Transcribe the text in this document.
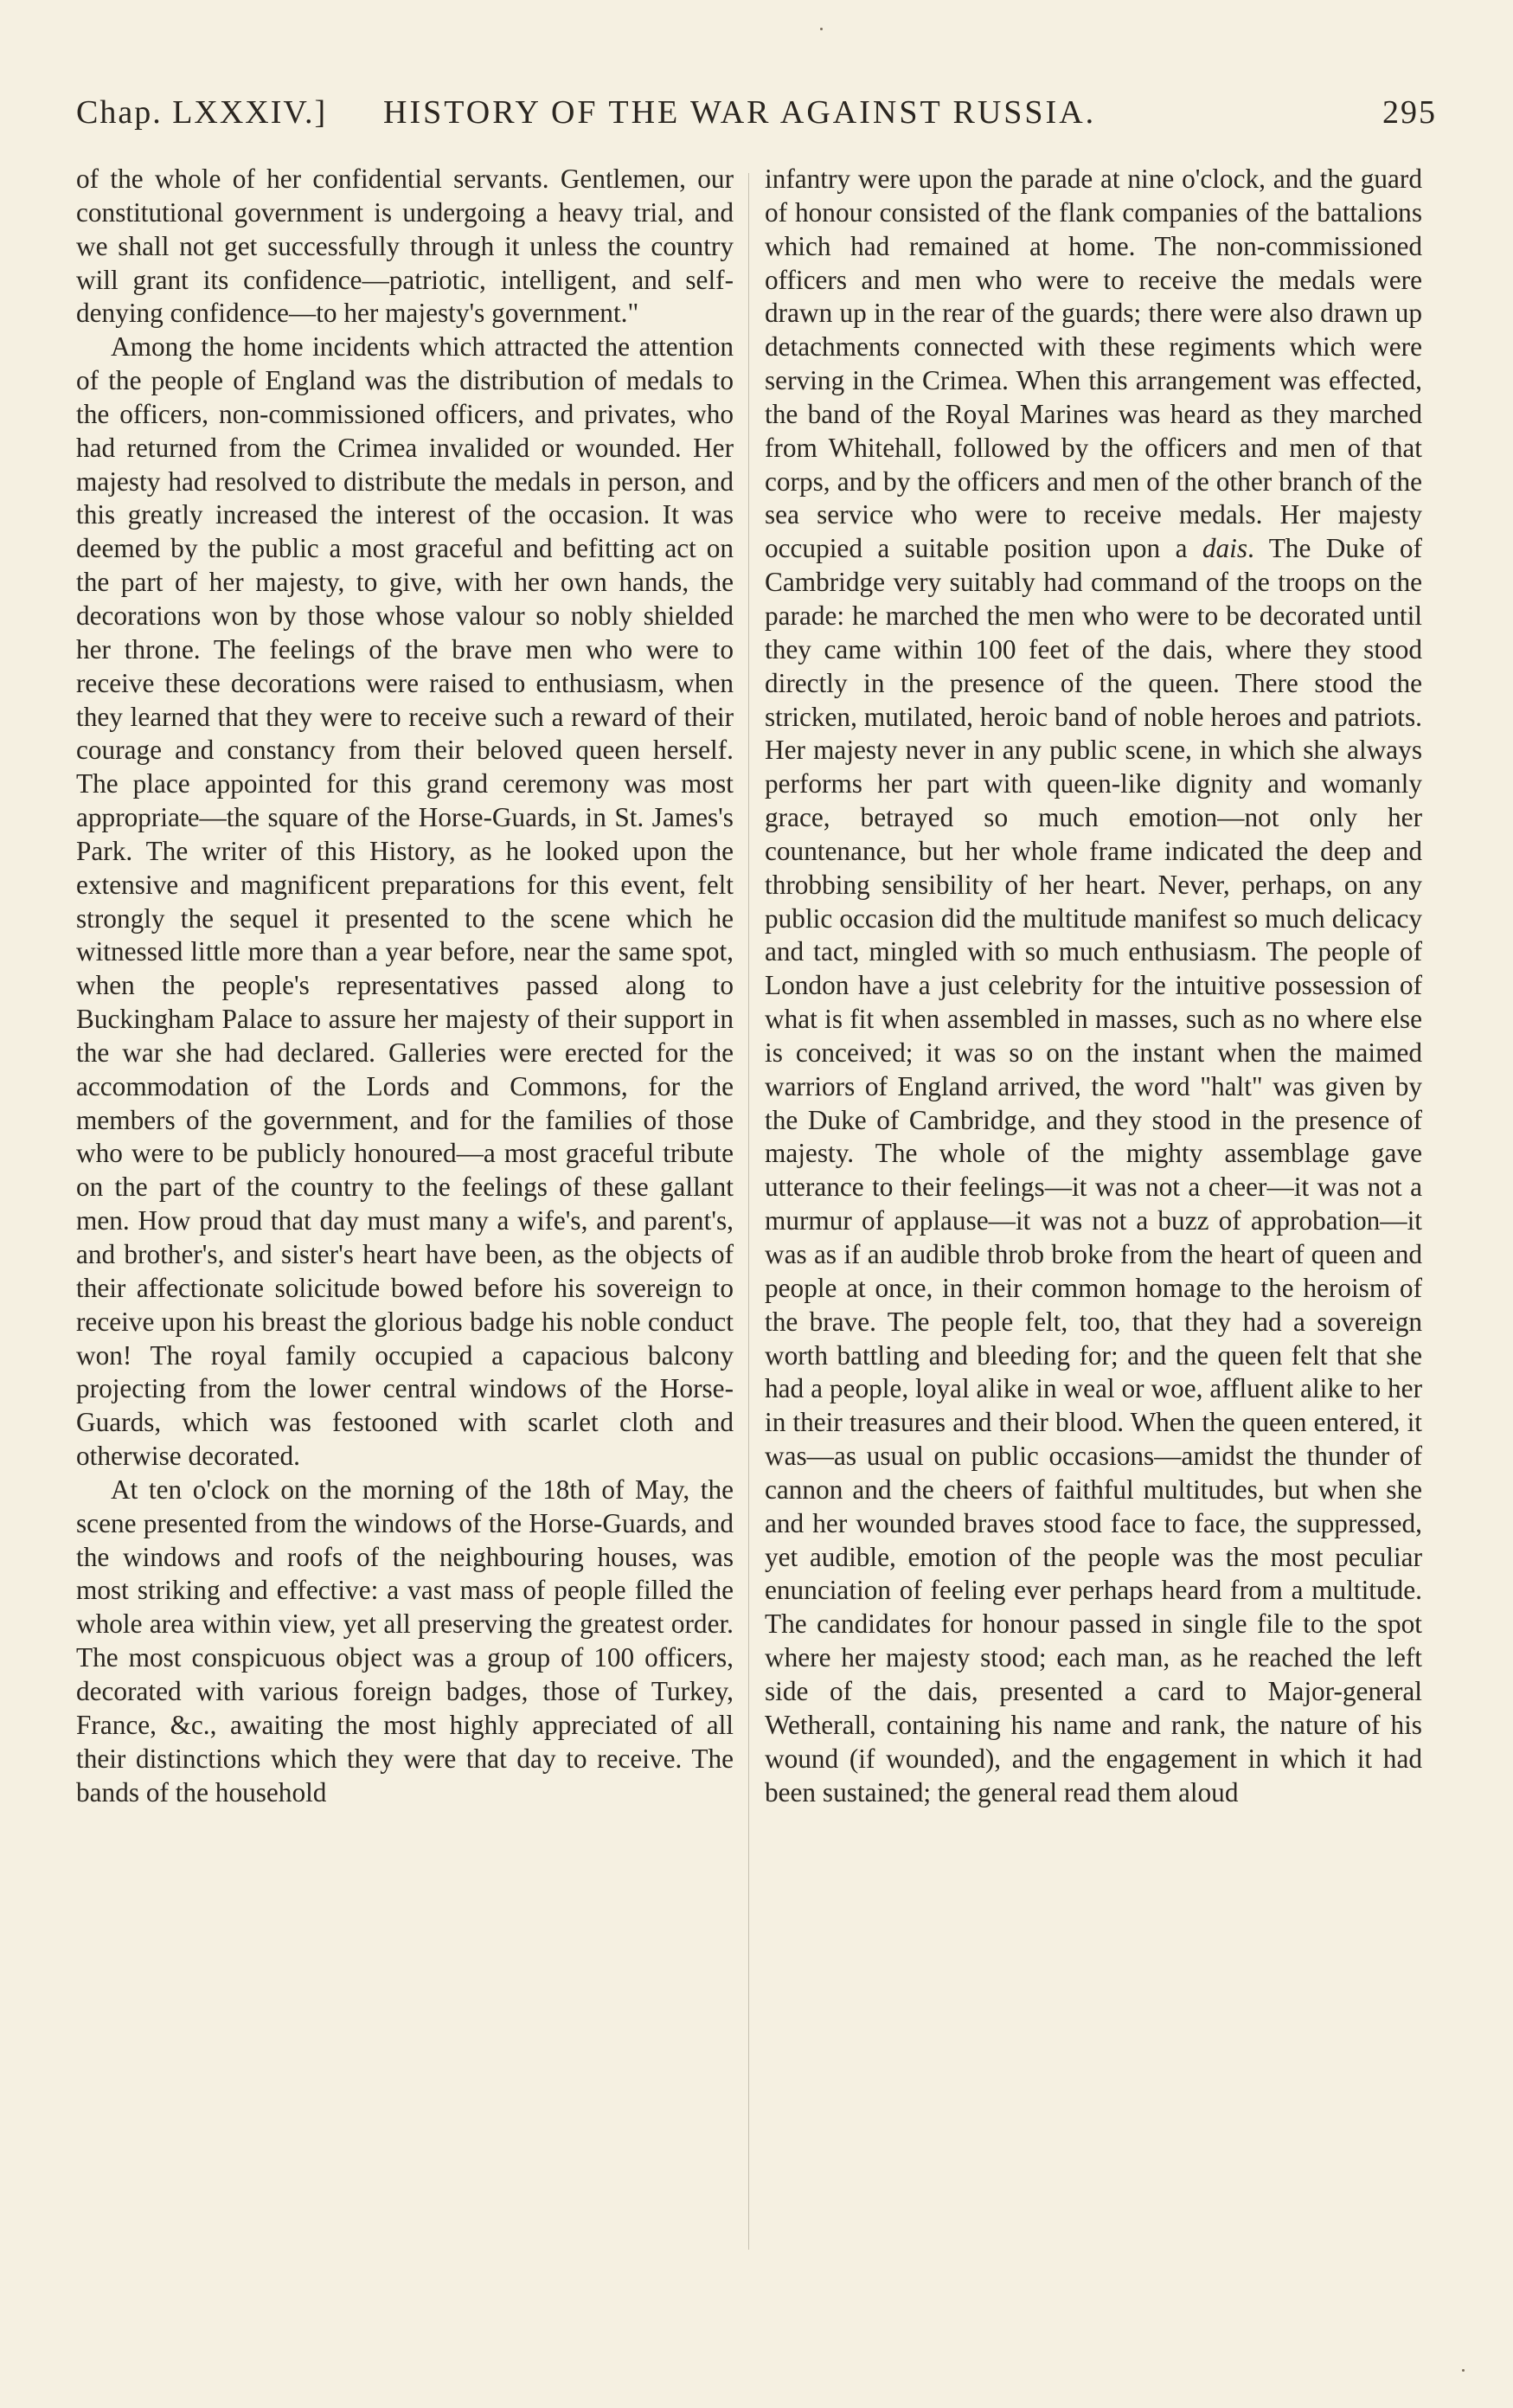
Chap. LXXXIV.] HISTORY OF THE WAR AGAINST RUSSIA.	295

of the whole of her confidential servants. Gentlemen, our constitutional government is undergoing a heavy trial, and we shall not get successfully through it unless the country will grant its confidence—patriotic, intelligent, and self-denying confidence—to her majesty's government."

Among the home incidents which attracted the attention of the people of England was the distribution of medals to the officers, non-commissioned officers, and privates, who had returned from the Crimea invalided or wounded. Her majesty had resolved to distribute the medals in person, and this greatly increased the interest of the occasion. It was deemed by the public a most graceful and befitting act on the part of her majesty, to give, with her own hands, the decorations won by those whose valour so nobly shielded her throne. The feelings of the brave men who were to receive these decorations were raised to enthusiasm, when they learned that they were to receive such a reward of their courage and constancy from their beloved queen herself. The place appointed for this grand ceremony was most appropriate—the square of the Horse-Guards, in St. James's Park. The writer of this History, as he looked upon the extensive and magnificent preparations for this event, felt strongly the sequel it presented to the scene which he witnessed little more than a year before, near the same spot, when the people's representatives passed along to Buckingham Palace to assure her majesty of their support in the war she had declared. Galleries were erected for the accommodation of the Lords and Commons, for the members of the government, and for the families of those who were to be publicly honoured—a most graceful tribute on the part of the country to the feelings of these gallant men. How proud that day must many a wife's, and parent's, and brother's, and sister's heart have been, as the objects of their affectionate solicitude bowed before his sovereign to receive upon his breast the glorious badge his noble conduct won! The royal family occupied a capacious balcony projecting from the lower central windows of the Horse-Guards, which was festooned with scarlet cloth and otherwise decorated.

At ten o'clock on the morning of the 18th of May, the scene presented from the windows of the Horse-Guards, and the windows and roofs of the neighbouring houses, was most striking and effective: a vast mass of people filled the whole area within view, yet all preserving the greatest order. The most conspicuous object was a group of 100 officers, decorated with various foreign badges, those of Turkey, France, &c., awaiting the most highly appreciated of all their distinctions which they were that day to receive. The bands of the household

infantry were upon the parade at nine o'clock, and the guard of honour consisted of the flank companies of the battalions which had remained at home. The non-commissioned officers and men who were to receive the medals were drawn up in the rear of the guards; there were also drawn up detachments connected with these regiments which were serving in the Crimea. When this arrangement was effected, the band of the Royal Marines was heard as they marched from Whitehall, followed by the officers and men of that corps, and by the officers and men of the other branch of the sea service who were to receive medals. Her majesty occupied a suitable position upon a dais. The Duke of Cambridge very suitably had command of the troops on the parade: he marched the men who were to be decorated until they came within 100 feet of the dais, where they stood directly in the presence of the queen. There stood the stricken, mutilated, heroic band of noble heroes and patriots. Her majesty never in any public scene, in which she always performs her part with queen-like dignity and womanly grace, betrayed so much emotion—not only her countenance, but her whole frame indicated the deep and throbbing sensibility of her heart. Never, perhaps, on any public occasion did the multitude manifest so much delicacy and tact, mingled with so much enthusiasm. The people of London have a just celebrity for the intuitive possession of what is fit when assembled in masses, such as no where else is conceived; it was so on the instant when the maimed warriors of England arrived, the word "halt" was given by the Duke of Cambridge, and they stood in the presence of majesty. The whole of the mighty assemblage gave utterance to their feelings—it was not a cheer—it was not a murmur of applause—it was not a buzz of approbation—it was as if an audible throb broke from the heart of queen and people at once, in their common homage to the heroism of the brave. The people felt, too, that they had a sovereign worth battling and bleeding for; and the queen felt that she had a people, loyal alike in weal or woe, affluent alike to her in their treasures and their blood. When the queen entered, it was—as usual on public occasions—amidst the thunder of cannon and the cheers of faithful multitudes, but when she and her wounded braves stood face to face, the suppressed, yet audible, emotion of the people was the most peculiar enunciation of feeling ever perhaps heard from a multitude. The candidates for honour passed in single file to the spot where her majesty stood; each man, as he reached the left side of the dais, presented a card to Major-general Wetherall, containing his name and rank, the nature of his wound (if wounded), and the engagement in which it had been sustained; the general read them aloud
